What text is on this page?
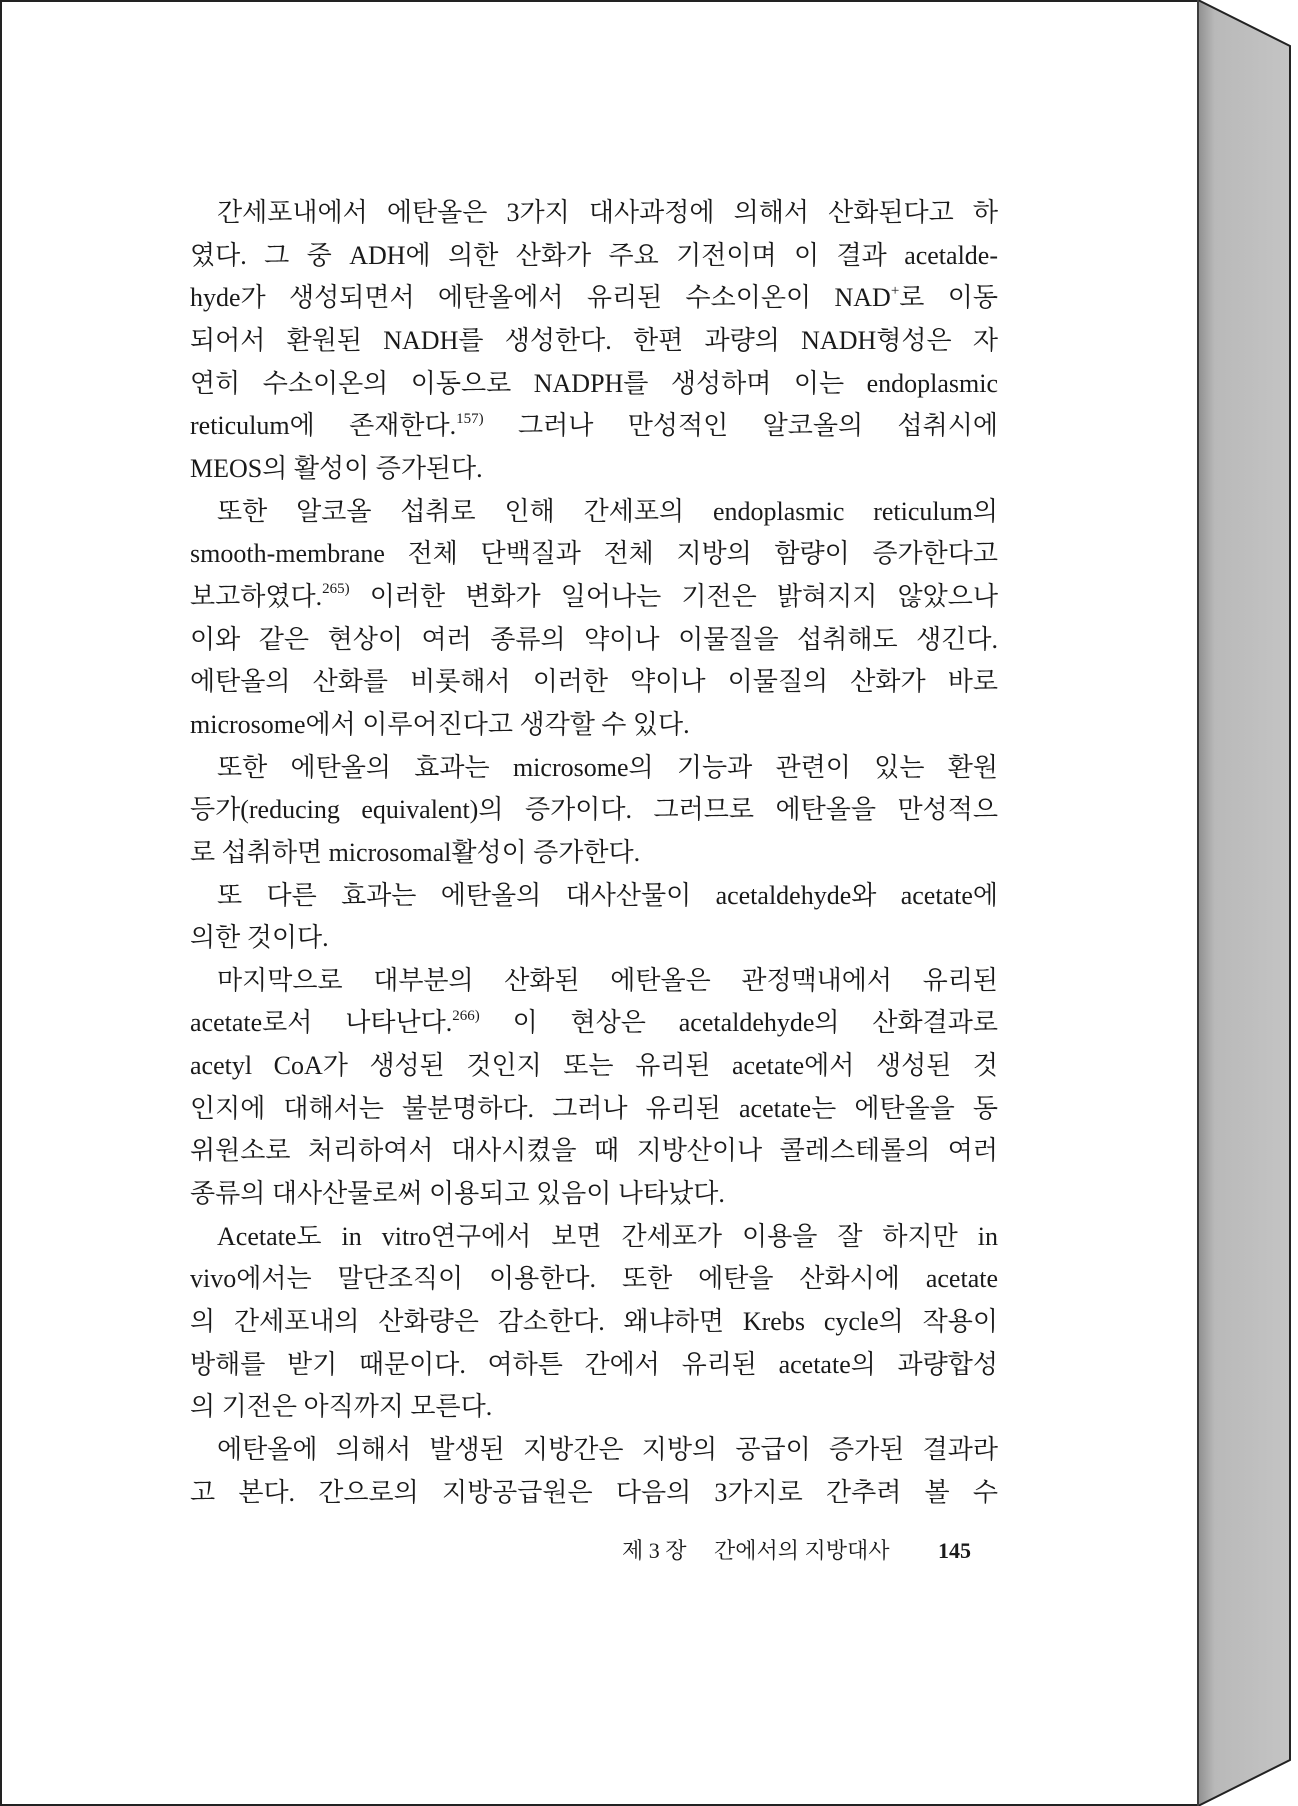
간세포내에서 에탄올은 3가지 대사과정에 의해서 산화된다고 하
였다. 그 중 ADH에 의한 산화가 주요 기전이며 이 결과 acetalde-
hyde가 생성되면서 에탄올에서 유리된 수소이온이 NAD+로 이동
되어서 환원된 NADH를 생성한다. 한편 과량의 NADH형성은 자
연히 수소이온의 이동으로 NADPH를 생성하며 이는 endoplasmic
reticulum에 존재한다.$^{157)}$ 그러나 만성적인 알코올의 섭취시에
MEOS의 활성이 증가된다.
또한 알코올 섭취로 인해 간세포의 endoplasmic reticulum의
smooth-membrane 전체 단백질과 전체 지방의 함량이 증가한다고
보고하였다.$^{265)}$ 이러한 변화가 일어나는 기전은 밝혀지지 않았으나
이와 같은 현상이 여러 종류의 약이나 이물질을 섭취해도 생긴다.
에탄올의 산화를 비롯해서 이러한 약이나 이물질의 산화가 바로
microsome에서 이루어진다고 생각할 수 있다.
또한 에탄올의 효과는 microsome의 기능과 관련이 있는 환원
등가(reducing equivalent)의 증가이다. 그러므로 에탄올을 만성적으
로 섭취하면 microsomal활성이 증가한다.
또 다른 효과는 에탄올의 대사산물이 acetaldehyde와 acetate에
의한 것이다.
마지막으로 대부분의 산화된 에탄올은 관정맥내에서 유리된
acetate로서 나타난다.$^{266)}$ 이 현상은 acetaldehyde의 산화결과로
acetyl CoA가 생성된 것인지 또는 유리된 acetate에서 생성된 것
인지에 대해서는 불분명하다. 그러나 유리된 acetate는 에탄올을 동
위원소로 처리하여서 대사시켰을 때 지방산이나 콜레스테롤의 여러
종류의 대사산물로써 이용되고 있음이 나타났다.
Acetate도 in vitro연구에서 보면 간세포가 이용을 잘 하지만 in
vivo에서는 말단조직이 이용한다. 또한 에탄을 산화시에 acetate
의 간세포내의 산화량은 감소한다. 왜냐하면 Krebs cycle의 작용이
방해를 받기 때문이다. 여하튼 간에서 유리된 acetate의 과량합성
의 기전은 아직까지 모른다.
에탄올에 의해서 발생된 지방간은 지방의 공급이 증가된 결과라
고 본다. 간으로의 지방공급원은 다음의 3가지로 간추려 볼 수
제 3 장 간에서의 지방대사 145
